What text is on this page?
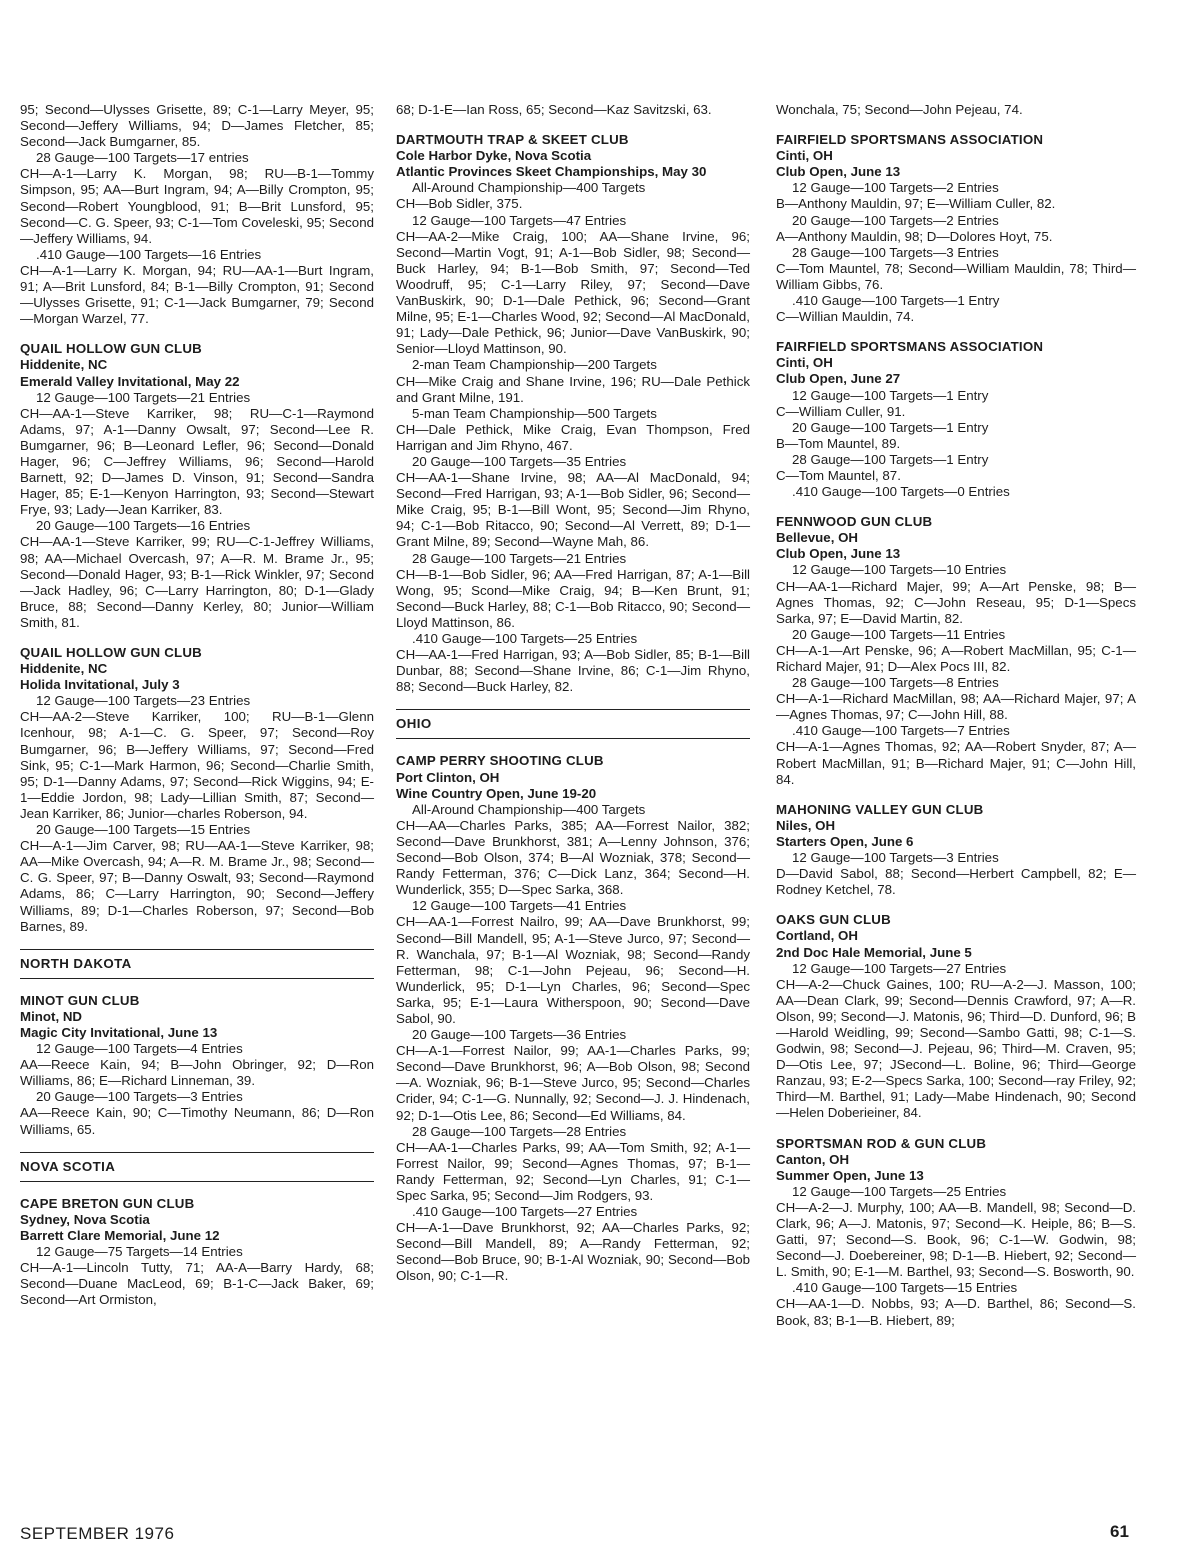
95; Second—Ulysses Grisette, 89; C-1—Larry Meyer, 95; Second—Jeffery Williams, 94; D—James Fletcher, 85; Second—Jack Bumgarner, 85.

28 Gauge—100 Targets—17 entries

CH—A-1—Larry K. Morgan, 98; RU—B-1—Tommy Simpson, 95; AA—Burt Ingram, 94; A—Billy Crompton, 95; Second—Robert Youngblood, 91; B—Brit Lunsford, 95; Second—C. G. Speer, 93; C-1—Tom Coveleski, 95; Second—Jeffery Williams, 94.

.410 Gauge—100 Targets—16 Entries

CH—A-1—Larry K. Morgan, 94; RU—AA-1—Burt Ingram, 91; A—Brit Lunsford, 84; B-1—Billy Crompton, 91; Second—Ulysses Grisette, 91; C-1—Jack Bumgarner, 79; Second—Morgan Warzel, 77.

QUAIL HOLLOW GUN CLUB
Hiddenite, NC
Emerald Valley Invitational, May 22

12 Gauge—100 Targets—21 Entries

CH—AA-1—Steve Karriker, 98; RU—C-1—Raymond Adams, 97; A-1—Danny Owsalt, 97; Second—Lee R. Bumgarner, 96; B—Leonard Lefler, 96; Second—Donald Hager, 96; C—Jeffrey Williams, 96; Second—Harold Barnett, 92; D—James D. Vinson, 91; Second—Sandra Hager, 85; E-1—Kenyon Harrington, 93; Second—Stewart Frye, 93; Lady—Jean Karriker, 83.

20 Gauge—100 Targets—16 Entries

CH—AA-1—Steve Karriker, 99; RU—C-1-Jeffrey Williams, 98; AA—Michael Overcash, 97; A—R. M. Brame Jr., 95; Second—Donald Hager, 93; B-1—Rick Winkler, 97; Second—Jack Hadley, 96; C—Larry Harrington, 80; D-1—Glady Bruce, 88; Second—Danny Kerley, 80; Junior—William Smith, 81.

QUAIL HOLLOW GUN CLUB
Hiddenite, NC
Holida Invitational, July 3

12 Gauge—100 Targets—23 Entries

CH—AA-2—Steve Karriker, 100; RU—B-1—Glenn Icenhour, 98; A-1—C. G. Speer, 97; Second—Roy Bumgarner, 96; B—Jeffery Williams, 97; Second—Fred Sink, 95; C-1—Mark Harmon, 96; Second—Charlie Smith, 95; D-1—Danny Adams, 97; Second—Rick Wiggins, 94; E-1—Eddie Jordon, 98; Lady—Lillian Smith, 87; Second—Jean Karriker, 86; Junior—charles Roberson, 94.

20 Gauge—100 Targets—15 Entries

CH—A-1—Jim Carver, 98; RU—AA-1—Steve Karriker, 98; AA—Mike Overcash, 94; A—R. M. Brame Jr., 98; Second—C. G. Speer, 97; B—Danny Oswalt, 93; Second—Raymond Adams, 86; C—Larry Harrington, 90; Second—Jeffery Williams, 89; D-1—Charles Roberson, 97; Second—Bob Barnes, 89.

NORTH DAKOTA
MINOT GUN CLUB
Minot, ND
Magic City Invitational, June 13

12 Gauge—100 Targets—4 Entries

AA—Reece Kain, 94; B—John Obringer, 92; D—Ron Williams, 86; E—Richard Linneman, 39.

20 Gauge—100 Targets—3 Entries

AA—Reece Kain, 90; C—Timothy Neumann, 86; D—Ron Williams, 65.

NOVA SCOTIA
CAPE BRETON GUN CLUB
Sydney, Nova Scotia
Barrett Clare Memorial, June 12

12 Gauge—75 Targets—14 Entries

CH—A-1—Lincoln Tutty, 71; AA-A—Barry Hardy, 68; Second—Duane MacLeod, 69; B-1-C—Jack Baker, 69; Second—Art Ormiston,

68; D-1-E—Ian Ross, 65; Second—Kaz Savitzski, 63.

DARTMOUTH TRAP & SKEET CLUB
Cole Harbor Dyke, Nova Scotia
Atlantic Provinces Skeet Championships, May 30

All-Around Championship—400 Targets

CH—Bob Sidler, 375.

12 Gauge—100 Targets—47 Entries

CH—AA-2—Mike Craig, 100; AA—Shane Irvine, 96; Second—Martin Vogt, 91; A-1—Bob Sidler, 98; Second—Buck Harley, 94; B-1—Bob Smith, 97; Second—Ted Woodruff, 95; C-1—Larry Riley, 97; Second—Dave VanBuskirk, 90; D-1—Dale Pethick, 96; Second—Grant Milne, 95; E-1—Charles Wood, 92; Second—Al MacDonald, 91; Lady—Dale Pethick, 96; Junior—Dave VanBuskirk, 90; Senior—Lloyd Mattinson, 90.

2-man Team Championship—200 Targets

CH—Mike Craig and Shane Irvine, 196; RU—Dale Pethick and Grant Milne, 191.

5-man Team Championship—500 Targets

CH—Dale Pethick, Mike Craig, Evan Thompson, Fred Harrigan and Jim Rhyno, 467.

20 Gauge—100 Targets—35 Entries

CH—AA-1—Shane Irvine, 98; AA—Al MacDonald, 94; Second—Fred Harrigan, 93; A-1—Bob Sidler, 96; Second—Mike Craig, 95; B-1—Bill Wont, 95; Second—Jim Rhyno, 94; C-1—Bob Ritacco, 90; Second—Al Verrett, 89; D-1—Grant Milne, 89; Second—Wayne Mah, 86.

28 Gauge—100 Targets—21 Entries

CH—B-1—Bob Sidler, 96; AA—Fred Harrigan, 87; A-1—Bill Wong, 95; Scond—Mike Craig, 94; B—Ken Brunt, 91; Second—Buck Harley, 88; C-1—Bob Ritacco, 90; Second—Lloyd Mattinson, 86.

.410 Gauge—100 Targets—25 Entries

CH—AA-1—Fred Harrigan, 93; A—Bob Sidler, 85; B-1—Bill Dunbar, 88; Second—Shane Irvine, 86; C-1—Jim Rhyno, 88; Second—Buck Harley, 82.

OHIO
CAMP PERRY SHOOTING CLUB
Port Clinton, OH
Wine Country Open, June 19-20

All-Around Championship—400 Targets

CH—AA—Charles Parks, 385; AA—Forrest Nailor, 382; Second—Dave Brunkhorst, 381; A—Lenny Johnson, 376; Second—Bob Olson, 374; B—Al Wozniak, 378; Second—Randy Fetterman, 376; C—Dick Lanz, 364; Second—H. Wunderlick, 355; D—Spec Sarka, 368.

12 Gauge—100 Targets—41 Entries

CH—AA-1—Forrest Nailro, 99; AA—Dave Brunkhorst, 99; Second—Bill Mandell, 95; A-1—Steve Jurco, 97; Second—R. Wanchala, 97; B-1—Al Wozniak, 98; Second—Randy Fetterman, 98; C-1—John Pejeau, 96; Second—H. Wunderlick, 95; D-1—Lyn Charles, 96; Second—Spec Sarka, 95; E-1—Laura Witherspoon, 90; Second—Dave Sabol, 90.

20 Gauge—100 Targets—36 Entries

CH—A-1—Forrest Nailor, 99; AA-1—Charles Parks, 99; Second—Dave Brunkhorst, 96; A—Bob Olson, 98; Second—A. Wozniak, 96; B-1—Steve Jurco, 95; Second—Charles Crider, 94; C-1—G. Nunnally, 92; Second—J. J. Hindenach, 92; D-1—Otis Lee, 86; Second—Ed Williams, 84.

28 Gauge—100 Targets—28 Entries

CH—AA-1—Charles Parks, 99; AA—Tom Smith, 92; A-1—Forrest Nailor, 99; Second—Agnes Thomas, 97; B-1—Randy Fetterman, 92; Second—Lyn Charles, 91; C-1—Spec Sarka, 95; Second—Jim Rodgers, 93.

.410 Gauge—100 Targets—27 Entries

CH—A-1—Dave Brunkhorst, 92; AA—Charles Parks, 92; Second—Bill Mandell, 89; A—Randy Fetterman, 92; Second—Bob Bruce, 90; B-1-Al Wozniak, 90; Second—Bob Olson, 90; C-1—R.

Wonchala, 75; Second—John Pejeau, 74.

FAIRFIELD SPORTSMANS ASSOCIATION
Cinti, OH
Club Open, June 13

12 Gauge—100 Targets—2 Entries

B—Anthony Mauldin, 97; E—William Culler, 82.

20 Gauge—100 Targets—2 Entries

A—Anthony Mauldin, 98; D—Dolores Hoyt, 75.

28 Gauge—100 Targets—3 Entries

C—Tom Mauntel, 78; Second—William Mauldin, 78; Third—William Gibbs, 76.

.410 Gauge—100 Targets—1 Entry

C—Willian Mauldin, 74.

FAIRFIELD SPORTSMANS ASSOCIATION
Cinti, OH
Club Open, June 27

12 Gauge—100 Targets—1 Entry

C—William Culler, 91.

20 Gauge—100 Targets—1 Entry

B—Tom Mauntel, 89.

28 Gauge—100 Targets—1 Entry

C—Tom Mauntel, 87.

.410 Gauge—100 Targets—0 Entries

FENNWOOD GUN CLUB
Bellevue, OH
Club Open, June 13

12 Gauge—100 Targets—10 Entries

CH—AA-1—Richard Majer, 99; A—Art Penske, 98; B—Agnes Thomas, 92; C—John Reseau, 95; D-1—Specs Sarka, 97; E—David Martin, 82.

20 Gauge—100 Targets—11 Entries

CH—A-1—Art Penske, 96; A—Robert MacMillan, 95; C-1—Richard Majer, 91; D—Alex Pocs III, 82.

28 Gauge—100 Targets—8 Entries

CH—A-1—Richard MacMillan, 98; AA—Richard Majer, 97; A—Agnes Thomas, 97; C—John Hill, 88.

.410 Gauge—100 Targets—7 Entries

CH—A-1—Agnes Thomas, 92; AA—Robert Snyder, 87; A—Robert MacMillan, 91; B—Richard Majer, 91; C—John Hill, 84.

MAHONING VALLEY GUN CLUB
Niles, OH
Starters Open, June 6

12 Gauge—100 Targets—3 Entries

D—David Sabol, 88; Second—Herbert Campbell, 82; E—Rodney Ketchel, 78.

OAKS GUN CLUB
Cortland, OH
2nd Doc Hale Memorial, June 5

12 Gauge—100 Targets—27 Entries

CH—A-2—Chuck Gaines, 100; RU—A-2—J. Masson, 100; AA—Dean Clark, 99; Second—Dennis Crawford, 97; A—R. Olson, 99; Second—J. Matonis, 96; Third—D. Dunford, 96; B—Harold Weidling, 99; Second—Sambo Gatti, 98; C-1—S. Godwin, 98; Second—J. Pejeau, 96; Third—M. Craven, 95; D—Otis Lee, 97; JSecond—L. Boline, 96; Third—George Ranzau, 93; E-2—Specs Sarka, 100; Second—ray Friley, 92; Third—M. Barthel, 91; Lady—Mabe Hindenach, 90; Second—Helen Doberieiner, 84.

SPORTSMAN ROD & GUN CLUB
Canton, OH
Summer Open, June 13

12 Gauge—100 Targets—25 Entries

CH—A-2—J. Murphy, 100; AA—B. Mandell, 98; Second—D. Clark, 96; A—J. Matonis, 97; Second—K. Heiple, 86; B—S. Gatti, 97; Second—S. Book, 96; C-1—W. Godwin, 98; Second—J. Doebereiner, 98; D-1—B. Hiebert, 92; Second—L. Smith, 90; E-1—M. Barthel, 93; Second—S. Bosworth, 90.

.410 Gauge—100 Targets—15 Entries

CH—AA-1—D. Nobbs, 93; A—D. Barthel, 86; Second—S. Book, 83; B-1—B. Hiebert, 89;

SEPTEMBER 1976	61
